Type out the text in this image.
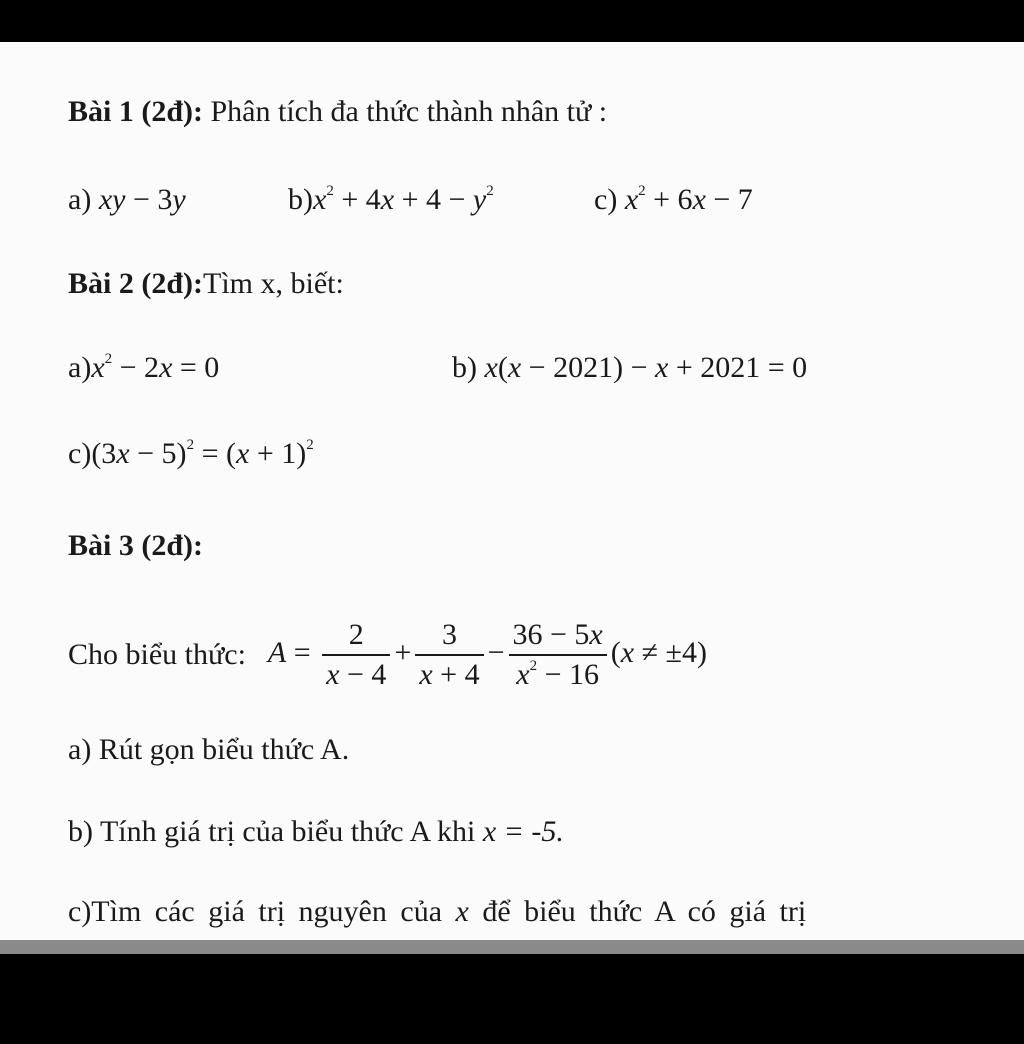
Bài 1 (2đ): Phân tích đa thức thành nhân tử :
a) xy − 3y	$b)x^2 + 4x + 4 - y^2$	c) $x^2 + 6x - 7$
Bài 2 (2đ):Tìm x, biết:
$a)x^2 - 2x = 0$	b) x(x − 2021) − x + 2021 = 0
$c)(3x - 5)^2 = (x + 1)^2$
Bài 3 (2đ):
Cho biểu thức: $A = \frac{2}{x - 4} + \frac{3}{x + 4} - \frac{36 - 5x}{x^2 - 16} (x \ne \pm 4)$
a) Rút gọn biểu thức A.
b) Tính giá trị của biểu thức A khi x = -5.
c)Tìm các giá trị nguyên của x để biểu thức A có giá trị
